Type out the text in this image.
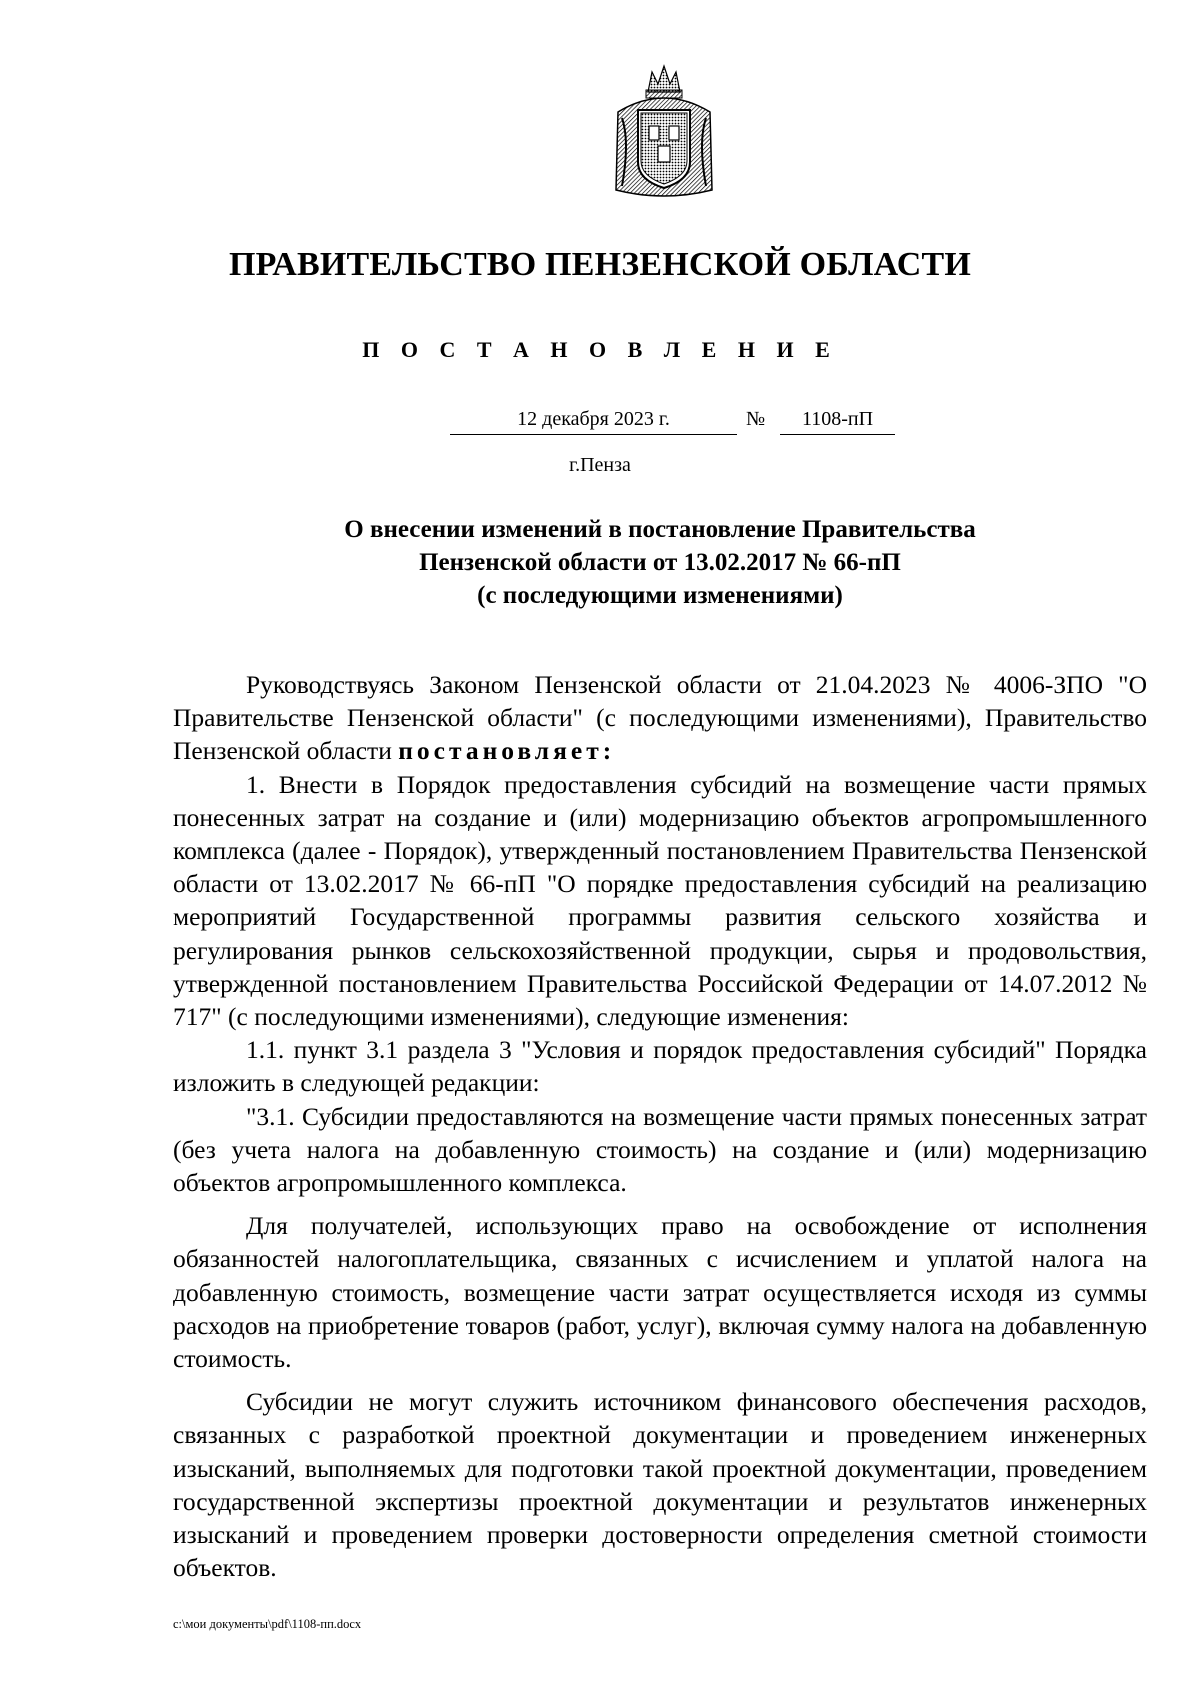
ПРАВИТЕЛЬСТВО ПЕНЗЕНСКОЙ ОБЛАСТИ
П О С Т А Н О В Л Е Н И Е
12 декабря 2023 г.	№	1108-пП
г.Пенза
О внесении изменений в постановление Правительства
Пензенской области от 13.02.2017 № 66-пП
(с последующими изменениями)

Руководствуясь Законом Пензенской области от 21.04.2023 № 4006-ЗПО "О Правительстве Пензенской области" (с последующими изменениями), Правительство Пензенской области постановляет:

1. Внести в Порядок предоставления субсидий на возмещение части прямых понесенных затрат на создание и (или) модернизацию объектов агропромышленного комплекса (далее - Порядок), утвержденный постановлением Правительства Пензенской области от 13.02.2017 № 66-пП "О порядке предоставления субсидий на реализацию мероприятий Государственной программы развития сельского хозяйства и регулирования рынков сельскохозяйственной продукции, сырья и продовольствия, утвержденной постановлением Правительства Российской Федерации от 14.07.2012 № 717" (с последующими изменениями), следующие изменения:

1.1. пункт 3.1 раздела 3 "Условия и порядок предоставления субсидий" Порядка изложить в следующей редакции:

"3.1. Субсидии предоставляются на возмещение части прямых понесенных затрат (без учета налога на добавленную стоимость) на создание и (или) модернизацию объектов агропромышленного комплекса.

Для получателей, использующих право на освобождение от исполнения обязанностей налогоплательщика, связанных с исчислением и уплатой налога на добавленную стоимость, возмещение части затрат осуществляется исходя из суммы расходов на приобретение товаров (работ, услуг), включая сумму налога на добавленную стоимость.

Субсидии не могут служить источником финансового обеспечения расходов, связанных с разработкой проектной документации и проведением инженерных изысканий, выполняемых для подготовки такой проектной документации, проведением государственной экспертизы проектной документации и результатов инженерных изысканий и проведением проверки достоверности определения сметной стоимости объектов.

c:\мои документы\pdf\1108-пп.docx
